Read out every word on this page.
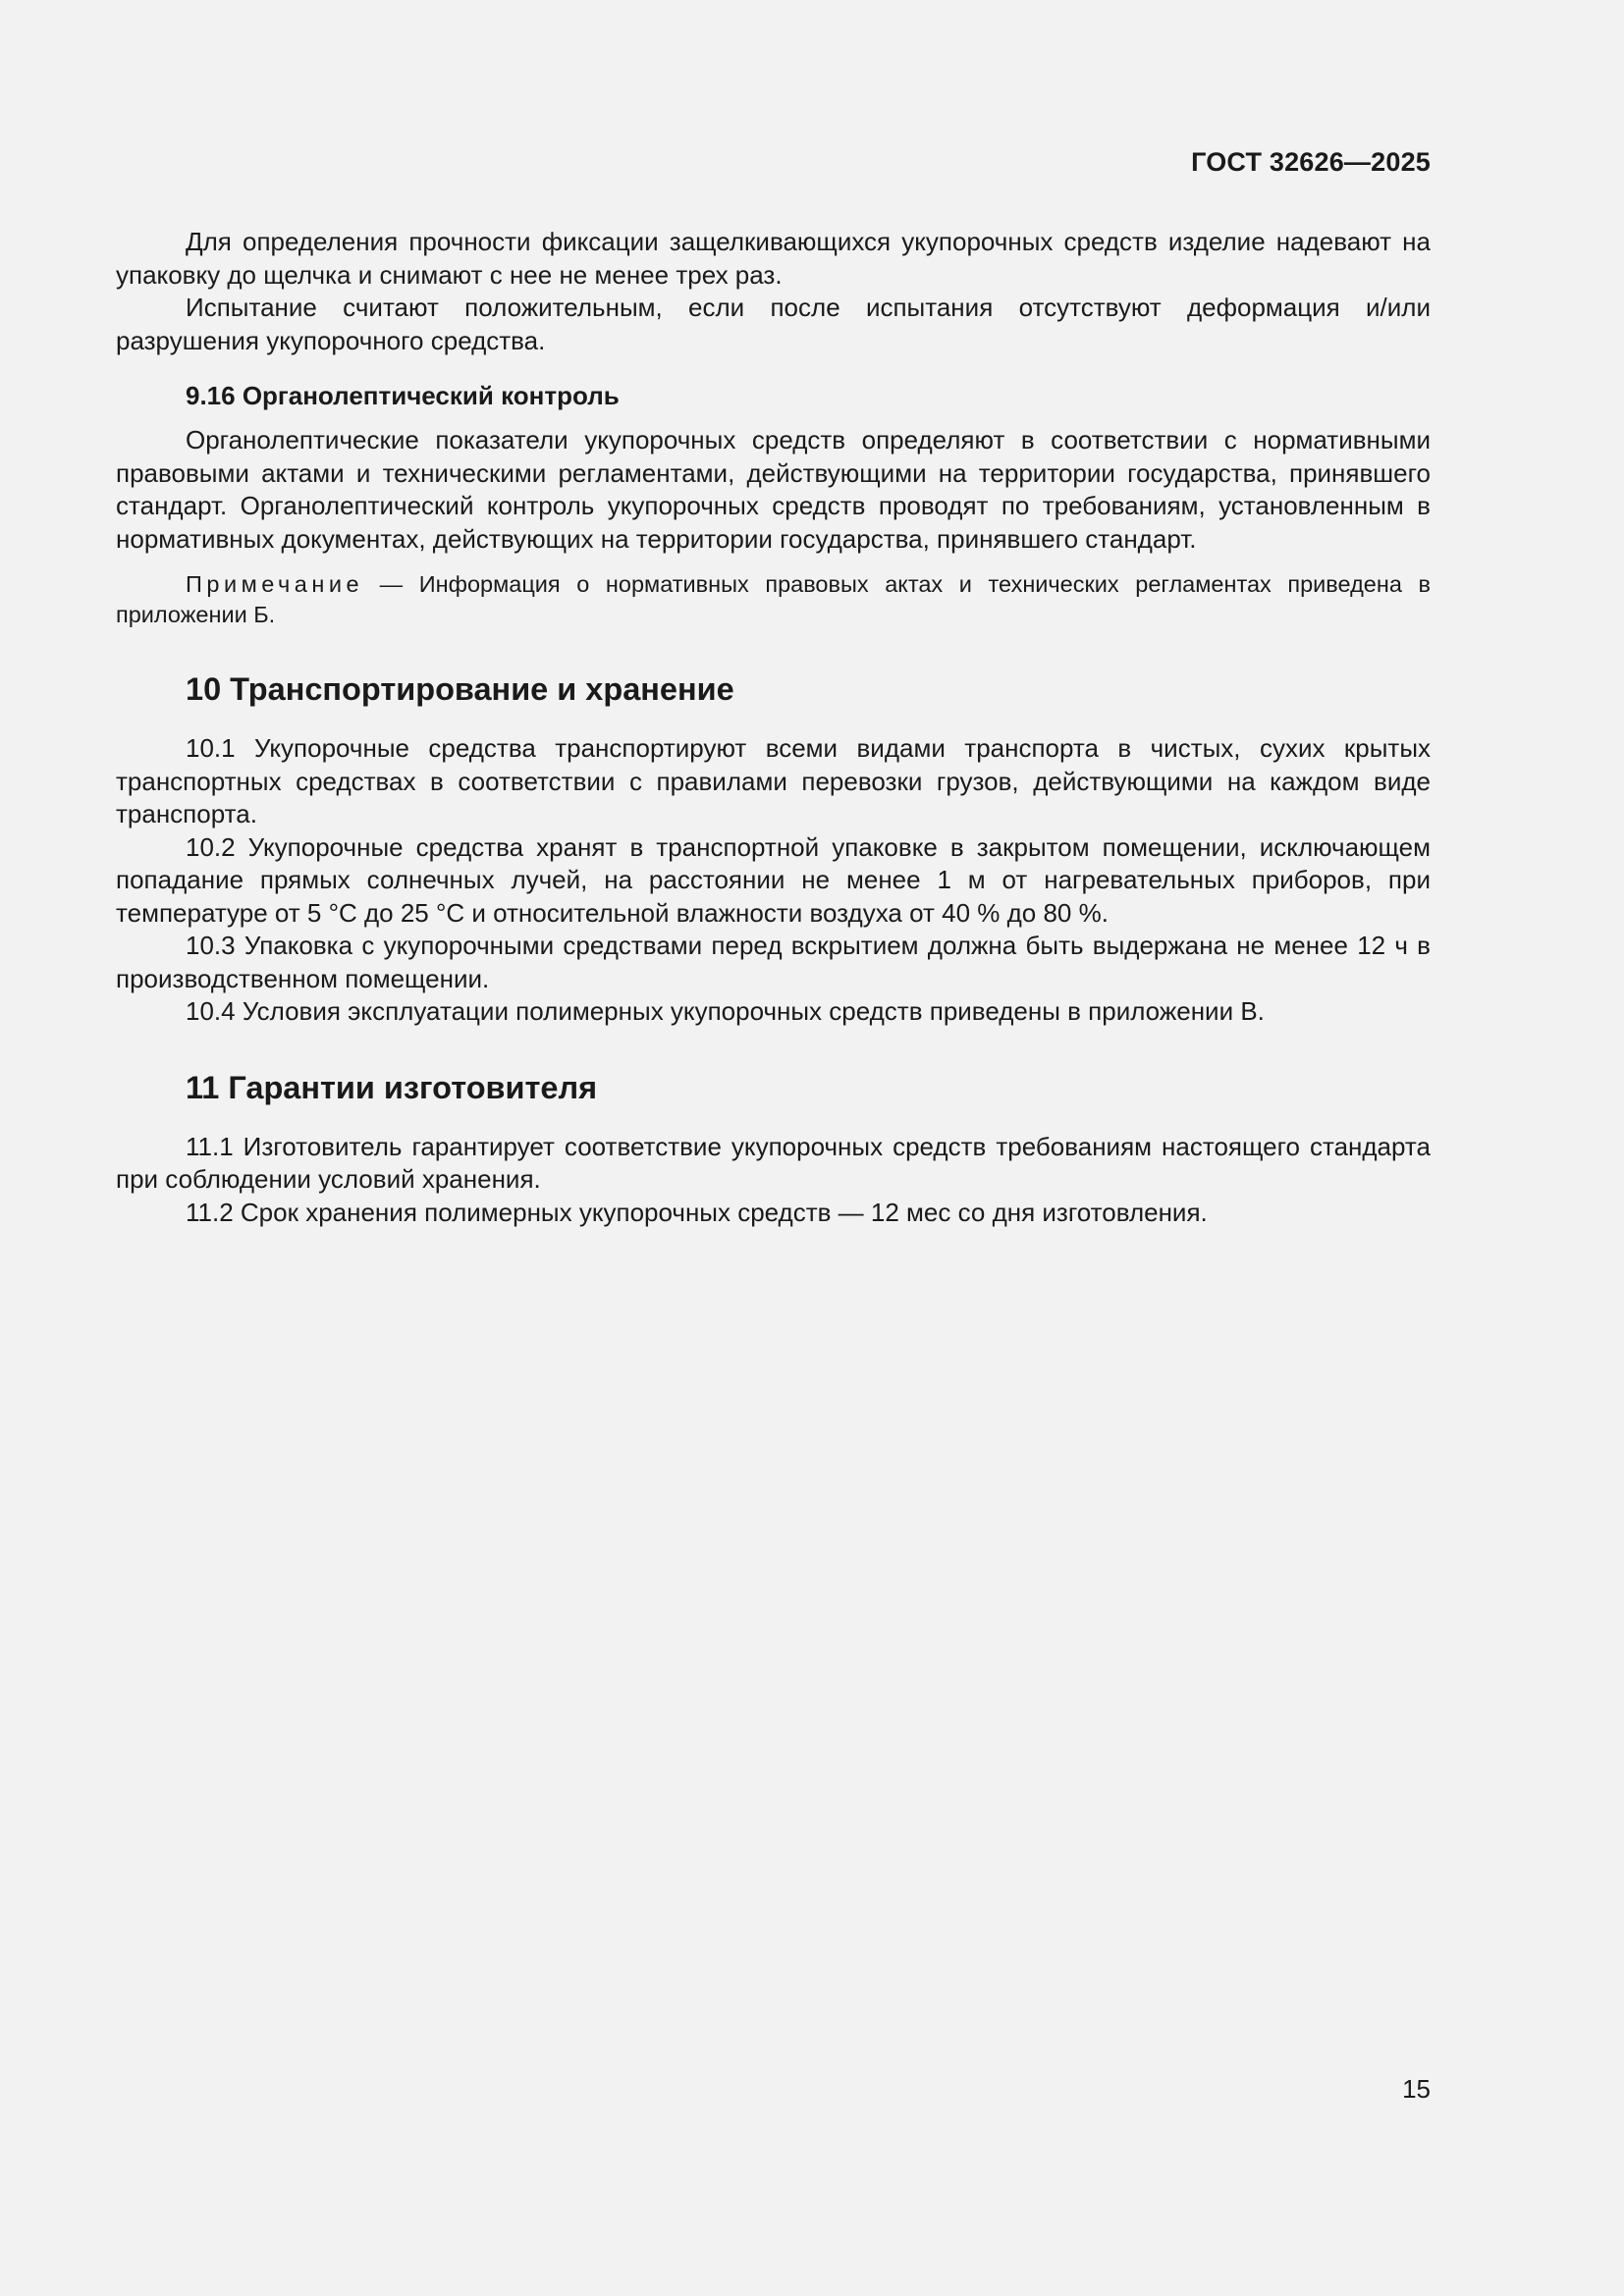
ГОСТ 32626—2025

Для определения прочности фиксации защелкивающихся укупорочных средств изделие надевают на упаковку до щелчка и снимают с нее не менее трех раз.

Испытание считают положительным, если после испытания отсутствуют деформация и/или разрушения укупорочного средства.

9.16 Органолептический контроль

Органолептические показатели укупорочных средств определяют в соответствии с нормативными правовыми актами и техническими регламентами, действующими на территории государства, принявшего стандарт. Органолептический контроль укупорочных средств проводят по требованиям, установленным в нормативных документах, действующих на территории государства, принявшего стандарт.

Примечание — Информация о нормативных правовых актах и технических регламентах приведена в приложении Б.

10 Транспортирование и хранение

10.1 Укупорочные средства транспортируют всеми видами транспорта в чистых, сухих крытых транспортных средствах в соответствии с правилами перевозки грузов, действующими на каждом виде транспорта.

10.2 Укупорочные средства хранят в транспортной упаковке в закрытом помещении, исключающем попадание прямых солнечных лучей, на расстоянии не менее 1 м от нагревательных приборов, при температуре от 5 °С до 25 °С и относительной влажности воздуха от 40 % до 80 %.

10.3 Упаковка с укупорочными средствами перед вскрытием должна быть выдержана не менее 12 ч в производственном помещении.

10.4 Условия эксплуатации полимерных укупорочных средств приведены в приложении В.

11 Гарантии изготовителя

11.1 Изготовитель гарантирует соответствие укупорочных средств требованиям настоящего стандарта при соблюдении условий хранения.

11.2 Срок хранения полимерных укупорочных средств — 12 мес со дня изготовления.

15
